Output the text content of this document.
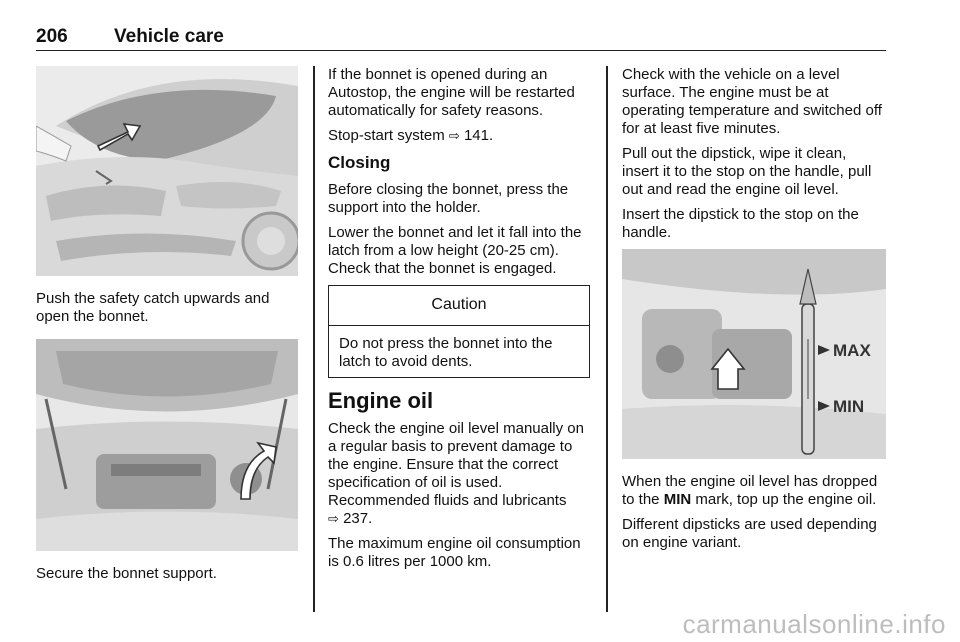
206 Vehicle care

Push the safety catch upwards and open the bonnet.

Secure the bonnet support.

If the bonnet is opened during an Autostop, the engine will be restarted automatically for safety reasons.

Stop-start system ⇨ 141.

Closing

Before closing the bonnet, press the support into the holder.

Lower the bonnet and let it fall into the latch from a low height (20-25 cm). Check that the bonnet is engaged.

Caution

Do not press the bonnet into the latch to avoid dents.

Engine oil

Check the engine oil level manually on a regular basis to prevent damage to the engine. Ensure that the correct specification of oil is used.

Recommended fluids and lubricants
⇨ 237.

The maximum engine oil consumption is 0.6 litres per 1000 km.

Check with the vehicle on a level surface. The engine must be at operating temperature and switched off for at least five minutes.

Pull out the dipstick, wipe it clean, insert it to the stop on the handle, pull out and read the engine oil level.

Insert the dipstick to the stop on the handle.

MAX
MIN

When the engine oil level has dropped to the MIN mark, top up the engine oil.

Different dipsticks are used depending on engine variant.

carmanualsonline.info
